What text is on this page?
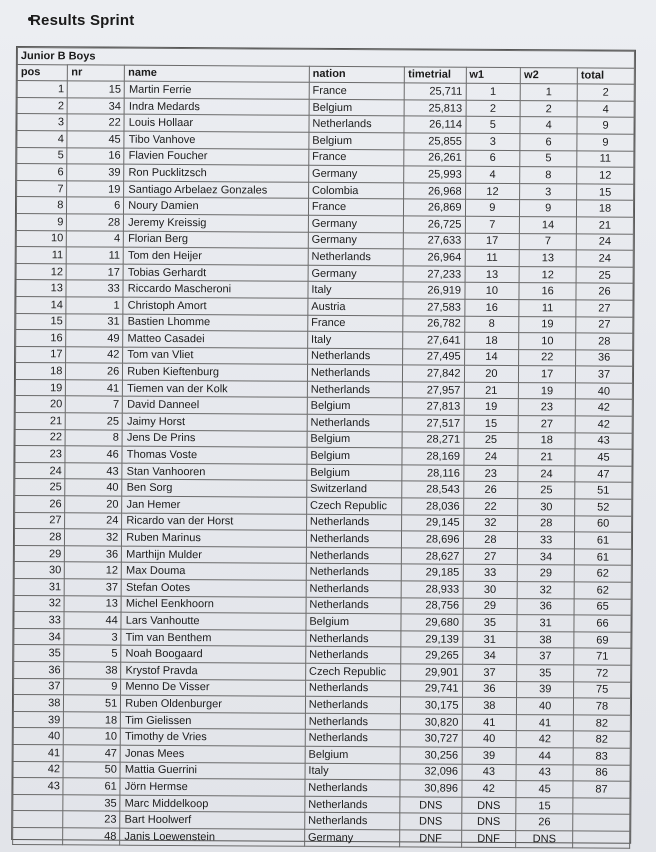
Results Sprint
Junior B Boys							
pos	nr	name	nation	timetrial	w1	w2	total
1	15	Martin Ferrie	France	25,711	1	1	2
2	34	Indra Medards	Belgium	25,813	2	2	4
3	22	Louis Hollaar	Netherlands	26,114	5	4	9
4	45	Tibo Vanhove	Belgium	25,855	3	6	9
5	16	Flavien Foucher	France	26,261	6	5	11
6	39	Ron Pucklitzsch	Germany	25,993	4	8	12
7	19	Santiago Arbelaez Gonzales	Colombia	26,968	12	3	15
8	6	Noury Damien	France	26,869	9	9	18
9	28	Jeremy Kreissig	Germany	26,725	7	14	21
10	4	Florian Berg	Germany	27,633	17	7	24
11	11	Tom den Heijer	Netherlands	26,964	11	13	24
12	17	Tobias Gerhardt	Germany	27,233	13	12	25
13	33	Riccardo Mascheroni	Italy	26,919	10	16	26
14	1	Christoph Amort	Austria	27,583	16	11	27
15	31	Bastien Lhomme	France	26,782	8	19	27
16	49	Matteo Casadei	Italy	27,641	18	10	28
17	42	Tom van Vliet	Netherlands	27,495	14	22	36
18	26	Ruben Kieftenburg	Netherlands	27,842	20	17	37
19	41	Tiemen van der Kolk	Netherlands	27,957	21	19	40
20	7	David Danneel	Belgium	27,813	19	23	42
21	25	Jaimy Horst	Netherlands	27,517	15	27	42
22	8	Jens De Prins	Belgium	28,271	25	18	43
23	46	Thomas Voste	Belgium	28,169	24	21	45
24	43	Stan Vanhooren	Belgium	28,116	23	24	47
25	40	Ben Sorg	Switzerland	28,543	26	25	51
26	20	Jan Hemer	Czech Republic	28,036	22	30	52
27	24	Ricardo van der Horst	Netherlands	29,145	32	28	60
28	32	Ruben Marinus	Netherlands	28,696	28	33	61
29	36	Marthijn Mulder	Netherlands	28,627	27	34	61
30	12	Max Douma	Netherlands	29,185	33	29	62
31	37	Stefan Ootes	Netherlands	28,933	30	32	62
32	13	Michel Eenkhoorn	Netherlands	28,756	29	36	65
33	44	Lars Vanhoutte	Belgium	29,680	35	31	66
34	3	Tim van Benthem	Netherlands	29,139	31	38	69
35	5	Noah Boogaard	Netherlands	29,265	34	37	71
36	38	Krystof Pravda	Czech Republic	29,901	37	35	72
37	9	Menno De Visser	Netherlands	29,741	36	39	75
38	51	Ruben Oldenburger	Netherlands	30,175	38	40	78
39	18	Tim Gielissen	Netherlands	30,820	41	41	82
40	10	Timothy de Vries	Netherlands	30,727	40	42	82
41	47	Jonas Mees	Belgium	30,256	39	44	83
42	50	Mattia Guerrini	Italy	32,096	43	43	86
43	61	Jörn Hermse	Netherlands	30,896	42	45	87
	35	Marc Middelkoop	Netherlands	DNS	DNS	15	
	23	Bart Hoolwerf	Netherlands	DNS	DNS	26	
	48	Janis Loewenstein	Germany	DNF	DNF	DNS	
